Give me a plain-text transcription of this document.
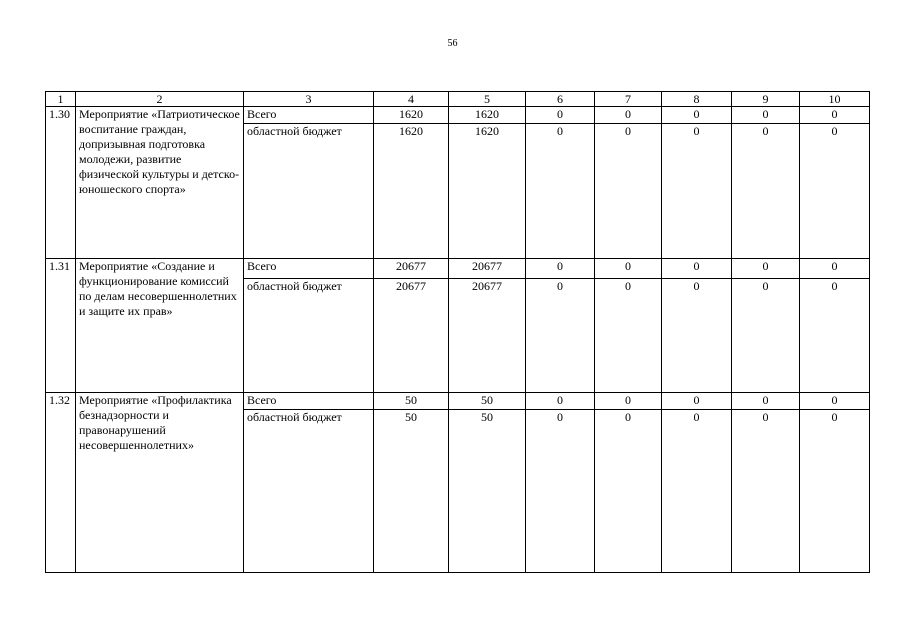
56
1	2	3	4	5	6	7	8	9	10
1.30	Мероприятие «Патриотическое воспитание граждан, допризывная подготовка молодежи, развитие физической культуры и детско-юношеского спорта»	Всего	1620	1620	0	0	0	0	0
		областной бюджет	1620	1620	0	0	0	0	0
1.31	Мероприятие «Создание и функционирование комиссий по делам несовершеннолетних и защите их прав»	Всего	20677	20677	0	0	0	0	0
		областной бюджет	20677	20677	0	0	0	0	0
1.32	Мероприятие «Профилактика безнадзорности и правонарушений несовершеннолетних»	Всего	50	50	0	0	0	0	0
		областной бюджет	50	50	0	0	0	0	0
